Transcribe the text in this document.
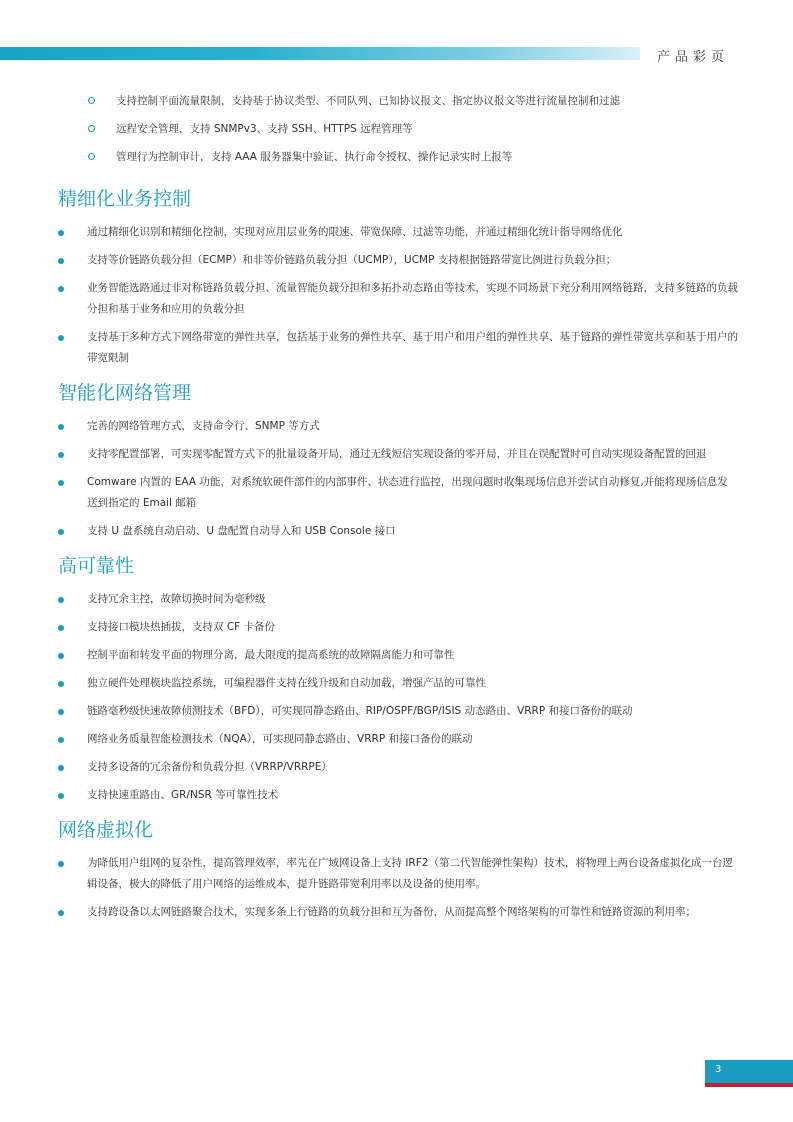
产品彩页
支持控制平面流量限制，支持基于协议类型、不同队列、已知协议报文、指定协议报文等进行流量控制和过滤
远程安全管理，支持 SNMPv3、支持 SSH、HTTPS 远程管理等
管理行为控制审计，支持 AAA 服务器集中验证、执行命令授权、操作记录实时上报等
精细化业务控制
通过精细化识别和精细化控制，实现对应用层业务的限速、带宽保障、过滤等功能，并通过精细化统计指导网络优化
支持等价链路负载分担（ECMP）和非等价链路负载分担（UCMP），UCMP 支持根据链路带宽比例进行负载分担；
业务智能选路通过非对称链路负载分担、流量智能负载分担和多拓扑动态路由等技术，实现不同场景下充分利用网络链路，支持多链路的负载分担和基于业务和应用的负载分担
支持基于多种方式下网络带宽的弹性共享，包括基于业务的弹性共享、基于用户和用户组的弹性共享、基于链路的弹性带宽共享和基于用户的带宽限制
智能化网络管理
完善的网络管理方式，支持命令行、SNMP 等方式
支持零配置部署，可实现零配置方式下的批量设备开局，通过无线短信实现设备的零开局，并且在误配置时可自动实现设备配置的回退
Comware 内置的 EAA 功能，对系统软硬件部件的内部事件、状态进行监控，出现问题时收集现场信息并尝试自动修复,并能将现场信息发送到指定的 Email 邮箱
支持 U 盘系统自动启动、U 盘配置自动导入和 USB Console 接口
高可靠性
支持冗余主控，故障切换时间为毫秒级
支持接口模块热插拔，支持双 CF 卡备份
控制平面和转发平面的物理分离，最大限度的提高系统的故障隔离能力和可靠性
独立硬件处理模块监控系统，可编程器件支持在线升级和自动加载，增强产品的可靠性
链路毫秒级快速故障侦测技术（BFD），可实现同静态路由、RIP/OSPF/BGP/ISIS 动态路由、VRRP 和接口备份的联动
网络业务质量智能检测技术（NQA），可实现同静态路由、VRRP 和接口备份的联动
支持多设备的冗余备份和负载分担（VRRP/VRRPE）
支持快速重路由、GR/NSR 等可靠性技术
网络虚拟化
为降低用户组网的复杂性，提高管理效率，率先在广域网设备上支持 IRF2（第二代智能弹性架构）技术，将物理上两台设备虚拟化成一台逻辑设备，极大的降低了用户网络的运维成本，提升链路带宽利用率以及设备的使用率。
支持跨设备以太网链路聚合技术，实现多条上行链路的负载分担和互为备份，从而提高整个网络架构的可靠性和链路资源的利用率；
3
